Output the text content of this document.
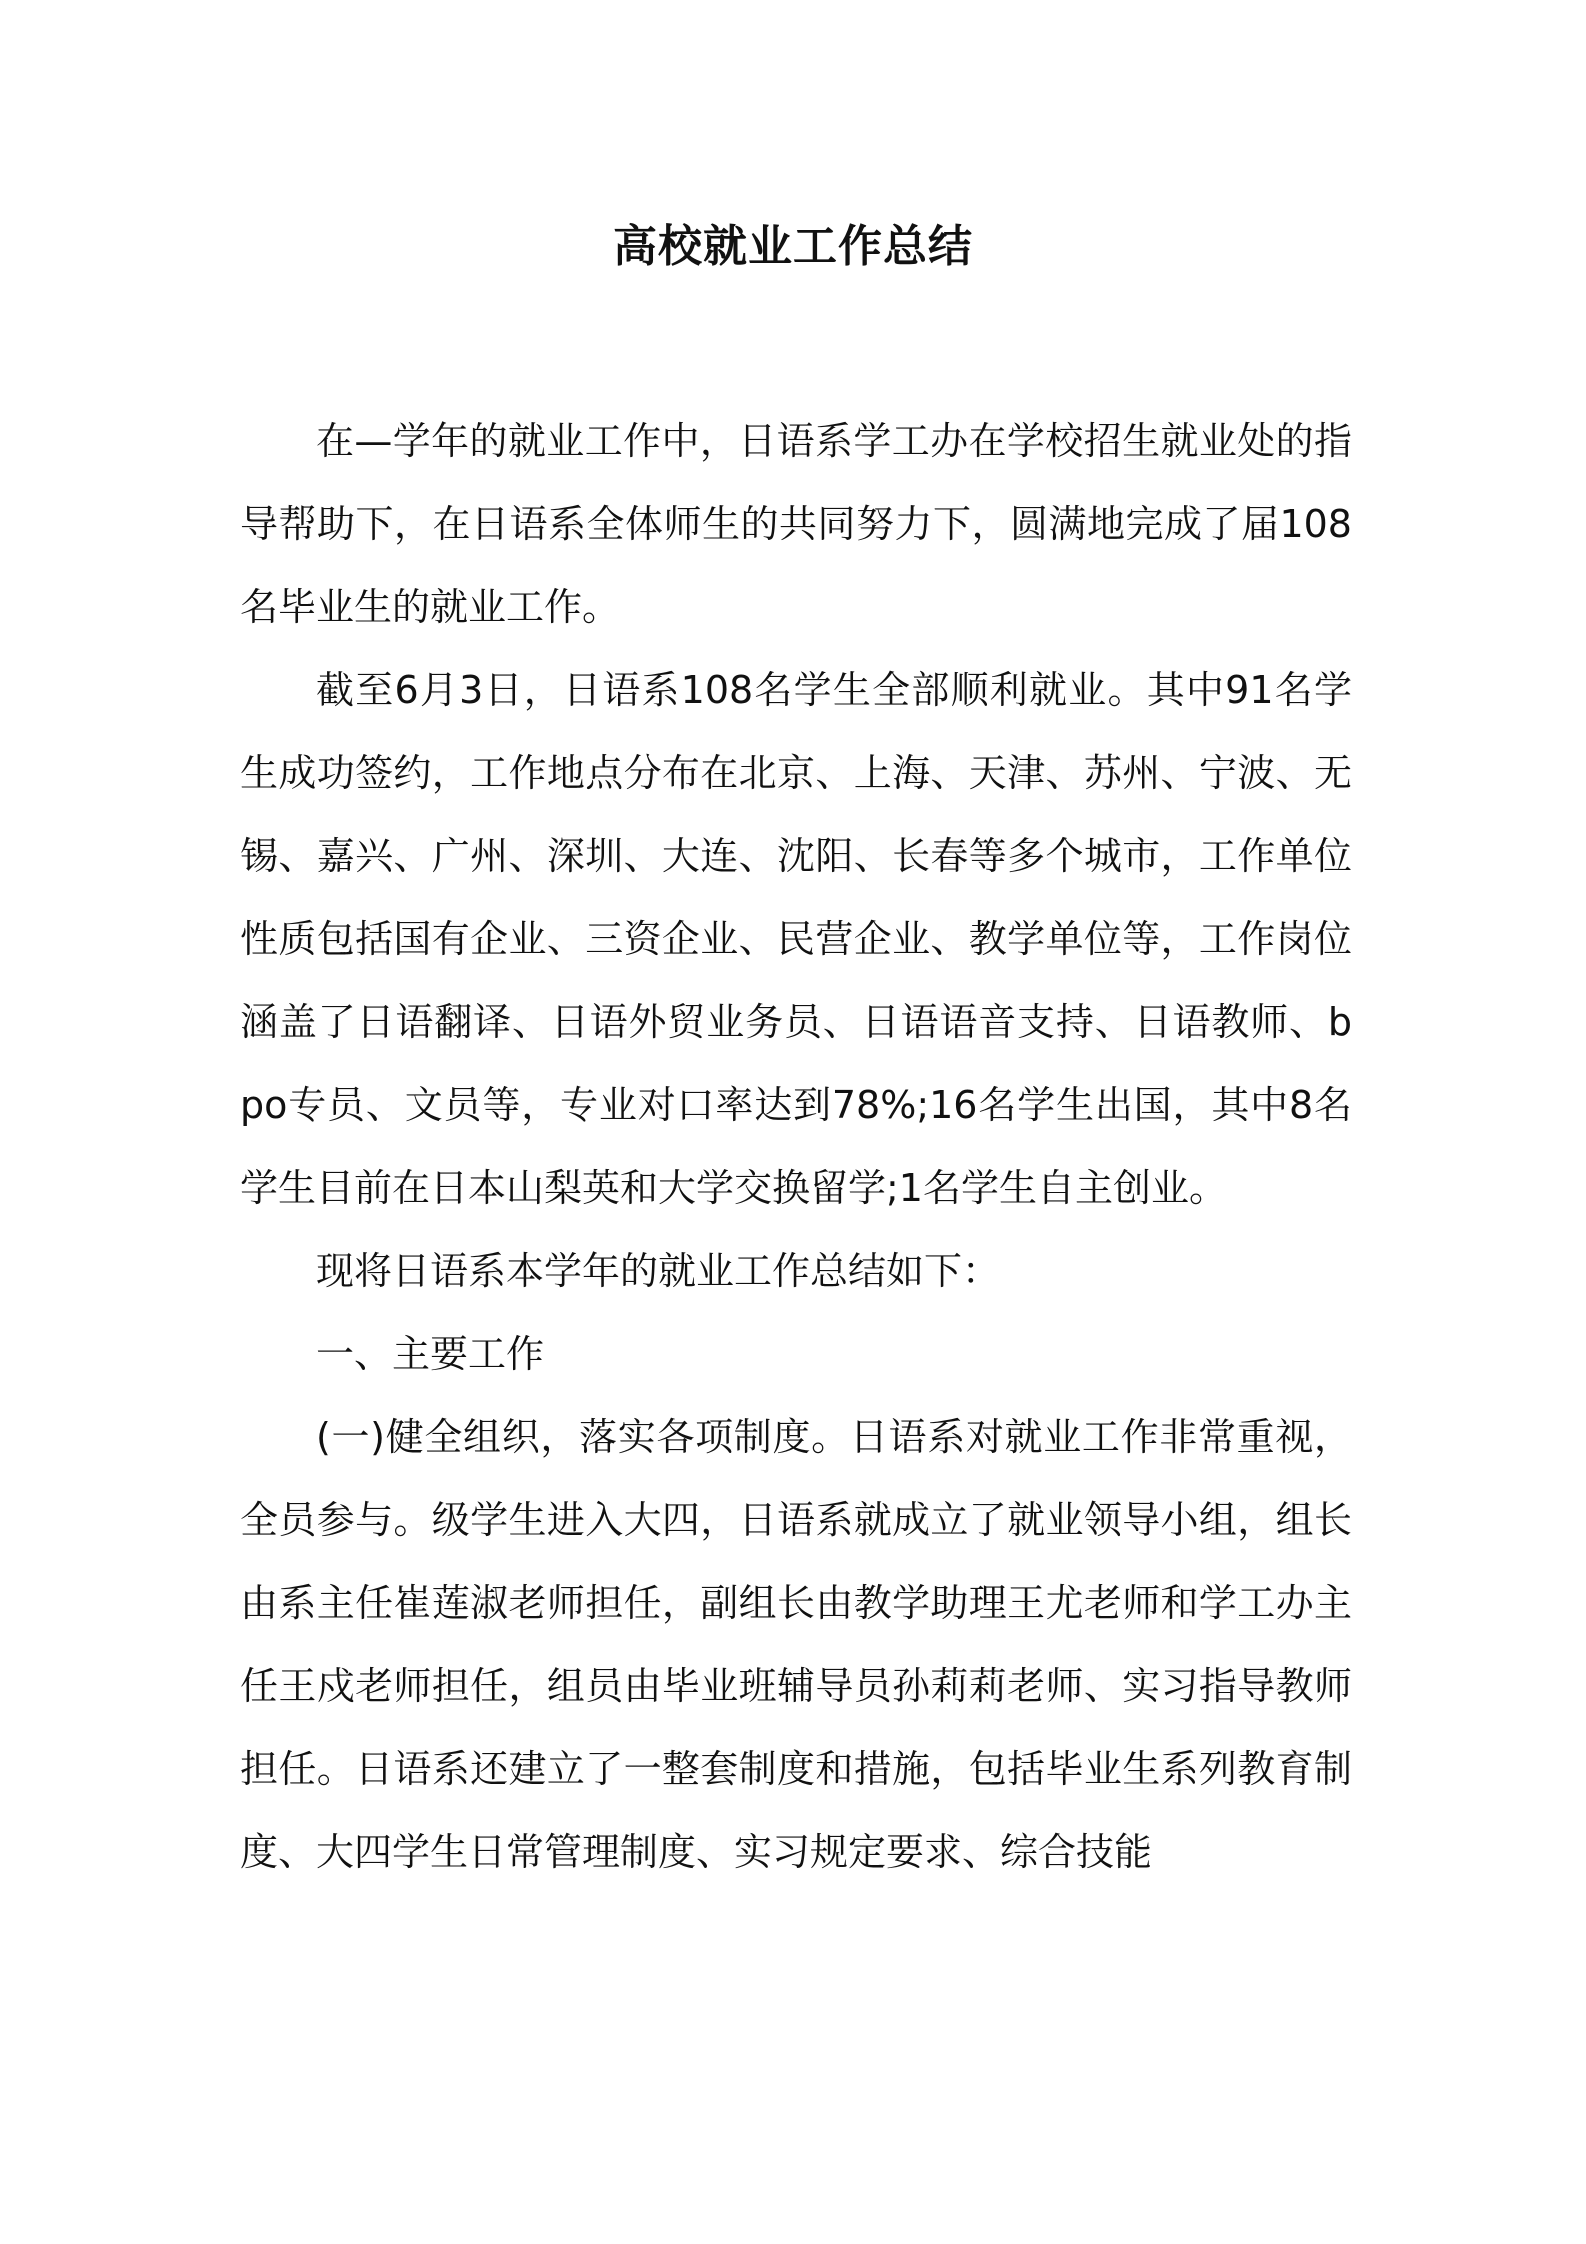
高校就业工作总结

在—学年的就业工作中，日语系学工办在学校招生就业处的指导帮助下，在日语系全体师生的共同努力下，圆满地完成了届108名毕业生的就业工作。

截至6月3日，日语系108名学生全部顺利就业。其中91名学生成功签约，工作地点分布在北京、上海、天津、苏州、宁波、无锡、嘉兴、广州、深圳、大连、沈阳、长春等多个城市，工作单位性质包括国有企业、三资企业、民营企业、教学单位等，工作岗位涵盖了日语翻译、日语外贸业务员、日语语音支持、日语教师、bpo专员、文员等，专业对口率达到78%;16名学生出国，其中8名学生目前在日本山梨英和大学交换留学;1名学生自主创业。

现将日语系本学年的就业工作总结如下：

一、主要工作

(一)健全组织，落实各项制度。日语系对就业工作非常重视，全员参与。级学生进入大四，日语系就成立了就业领导小组，组长由系主任崔莲淑老师担任，副组长由教学助理王尤老师和学工办主任王戍老师担任，组员由毕业班辅导员孙莉莉老师、实习指导教师担任。日语系还建立了一整套制度和措施，包括毕业生系列教育制度、大四学生日常管理制度、实习规定要求、综合技能
